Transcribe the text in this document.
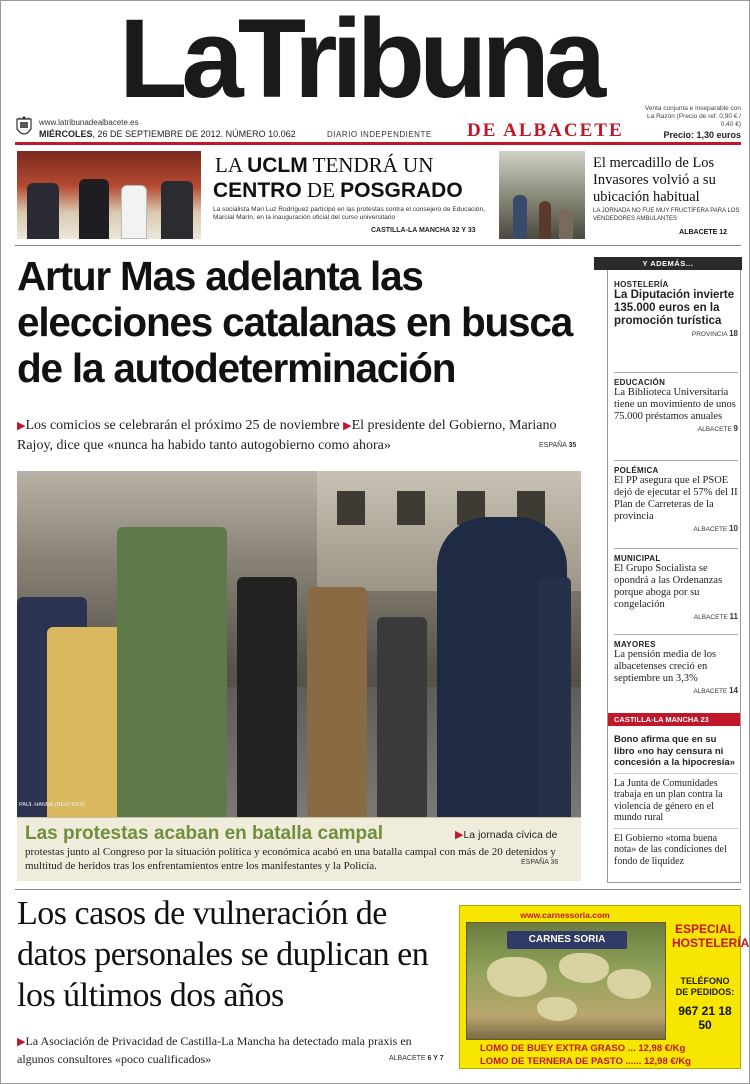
LaTribuna
DE ALBACETE
www.latribunadealbacete.es
MIÉRCOLES, 26 DE SEPTIEMBRE DE 2012. NÚMERO 10.062	DIARIO INDEPENDIENTE
Venta conjunta e inseparable con La Razón (Precio de ref. 0,90 € / 0,40 €)
Precio: 1,30 euros
LA UCLM TENDRÁ UN
CENTRO DE POSGRADO
La socialista Mari Luz Rodríguez participó en las protestas contra el consejero de Educación, Marcial Marín, en la inauguración oficial del curso universitario
CASTILLA-LA MANCHA 32 Y 33
El mercadillo de Los Invasores volvió a su ubicación habitual
LA JORNADA NO FUE MUY FRUCTÍFERA PARA LOS VENDEDORES AMBULANTES
ALBACETE 12
Artur Mas adelanta las elecciones catalanas en busca de la autodeterminación
▶Los comicios se celebrarán el próximo 25 de noviembre ▶El presidente del Gobierno, Mariano Rajoy, dice que «nunca ha habido tanto autogobierno como ahora»	ESPAÑA 35
PAUL HANNA (REUTERS)
Las protestas acaban en batalla campal	▶La jornada cívica de
protestas junto al Congreso por la situación política y económica acabó en una batalla campal con más de 20 detenidos y multitud de heridos tras los enfrentamientos entre los manifestantes y la Policía.	ESPAÑA 36
Y ADEMÁS...
HOSTELERÍA
La Diputación invierte 135.000 euros en la promoción turística
PROVINCIA 18
EDUCACIÓN
La Biblioteca Universitaria tiene un movimiento de unos 75.000 préstamos anuales
ALBACETE 9
POLÉMICA
El PP asegura que el PSOE dejó de ejecutar el 57% del II Plan de Carreteras de la provincia
ALBACETE 10
MUNICIPAL
El Grupo Socialista se opondrá a las Ordenanzas porque aboga por su congelación
ALBACETE 11
MAYORES
La pensión media de los albacetenses creció en septiembre un 3,3%
ALBACETE 14
CASTILLA-LA MANCHA 23
Bono afirma que en su libro «no hay censura ni concesión a la hipocresía»
La Junta de Comunidades trabaja en un plan contra la violencia de género en el mundo rural
El Gobierno «toma buena nota» de las condiciones del fondo de liquidez
Los casos de vulneración de datos personales se duplican en los últimos dos años
▶La Asociación de Privacidad de Castilla-La Mancha ha detectado mala praxis en algunos consultores «poco cualificados»	ALBACETE 6 Y 7
www.carnessoria.com
CARNES SORIA
ESPECIAL
HOSTELERÍA
TELÉFONO
DE PEDIDOS:
967 21 18 50
LOMO DE BUEY EXTRA GRASO ... 12,98 €/Kg
LOMO DE TERNERA DE PASTO ...... 12,98 €/Kg
